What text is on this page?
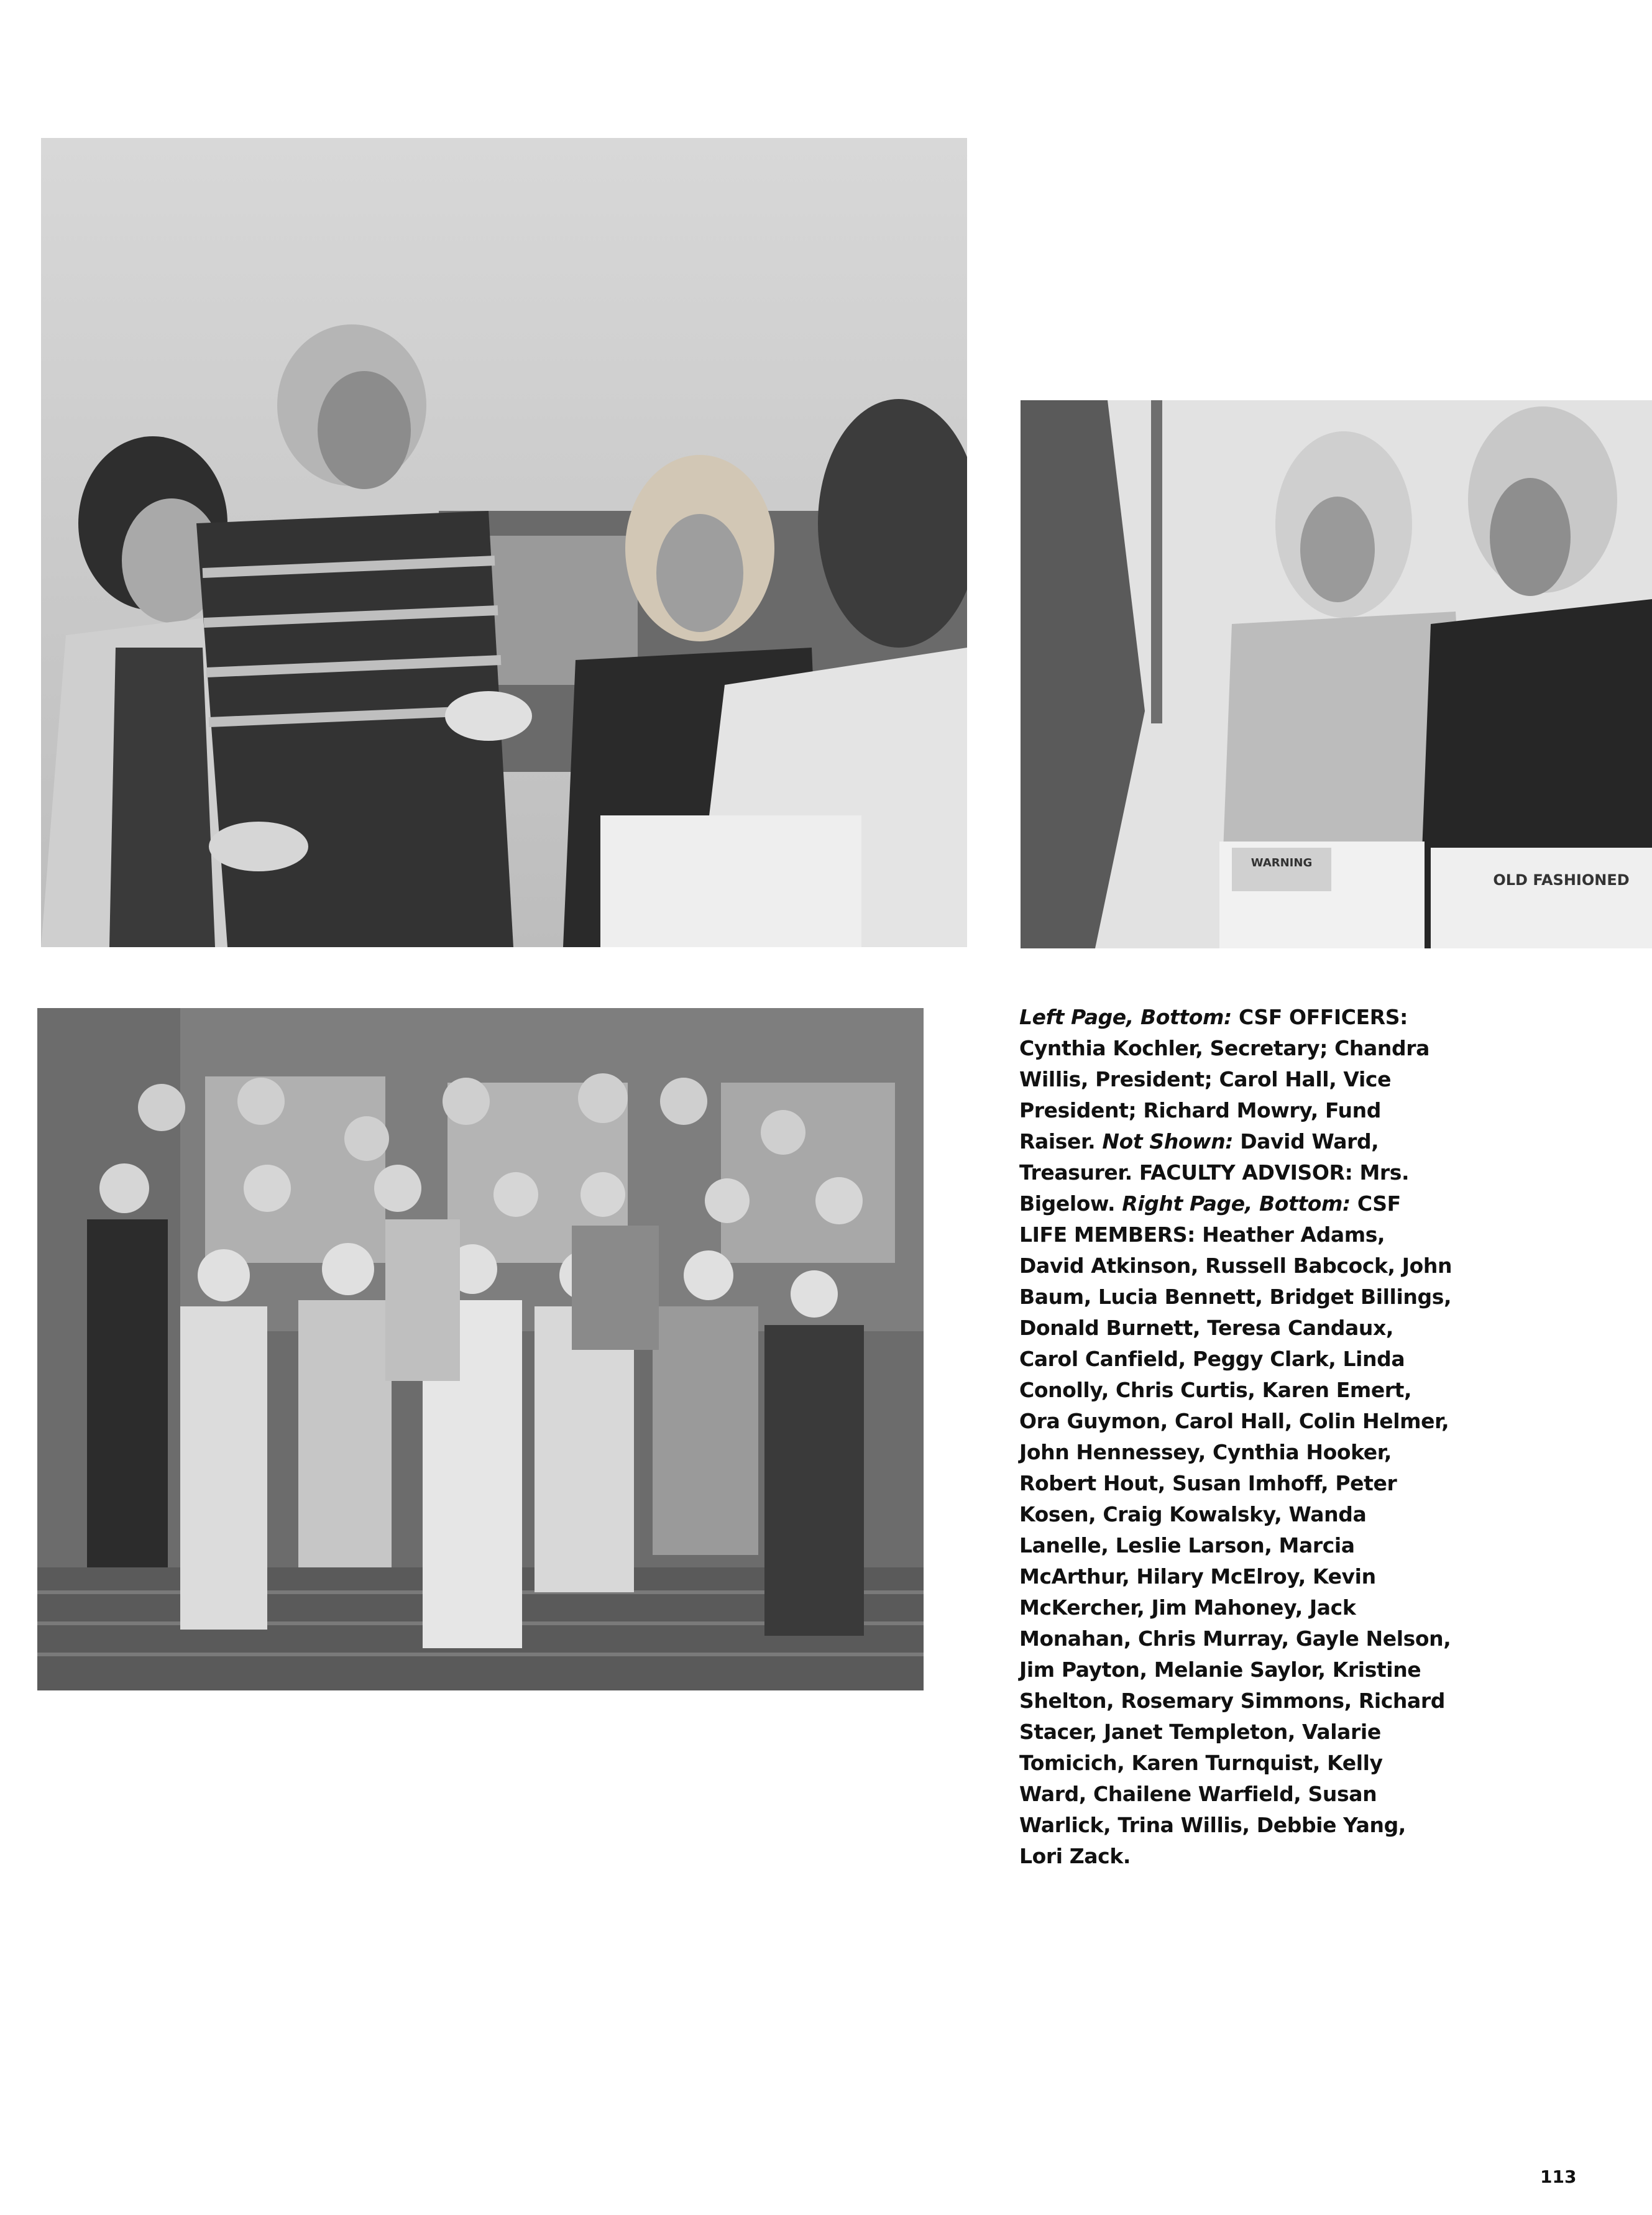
WARNING
OLD FASHIONED
Left Page, Bottom: CSF OFFICERS: Cynthia Kochler, Secretary; Chandra Willis, President; Carol Hall, Vice President; Richard Mowry, Fund Raiser. Not Shown: David Ward, Treasurer. FACULTY ADVISOR: Mrs. Bigelow. Right Page, Bottom: CSF LIFE MEMBERS: Heather Adams, David Atkinson, Russell Babcock, John Baum, Lucia Bennett, Bridget Billings, Donald Burnett, Teresa Candaux, Carol Canfield, Peggy Clark, Linda Conolly, Chris Curtis, Karen Emert, Ora Guymon, Carol Hall, Colin Helmer, John Hennessey, Cynthia Hooker, Robert Hout, Susan Imhoff, Peter Kosen, Craig Kowalsky, Wanda Lanelle, Leslie Larson, Marcia McArthur, Hilary McElroy, Kevin McKercher, Jim Mahoney, Jack Monahan, Chris Murray, Gayle Nelson, Jim Payton, Melanie Saylor, Kristine Shelton, Rosemary Simmons, Richard Stacer, Janet Templeton, Valarie Tomicich, Karen Turnquist, Kelly Ward, Chailene Warfield, Susan Warlick, Trina Willis, Debbie Yang, Lori Zack.
113
